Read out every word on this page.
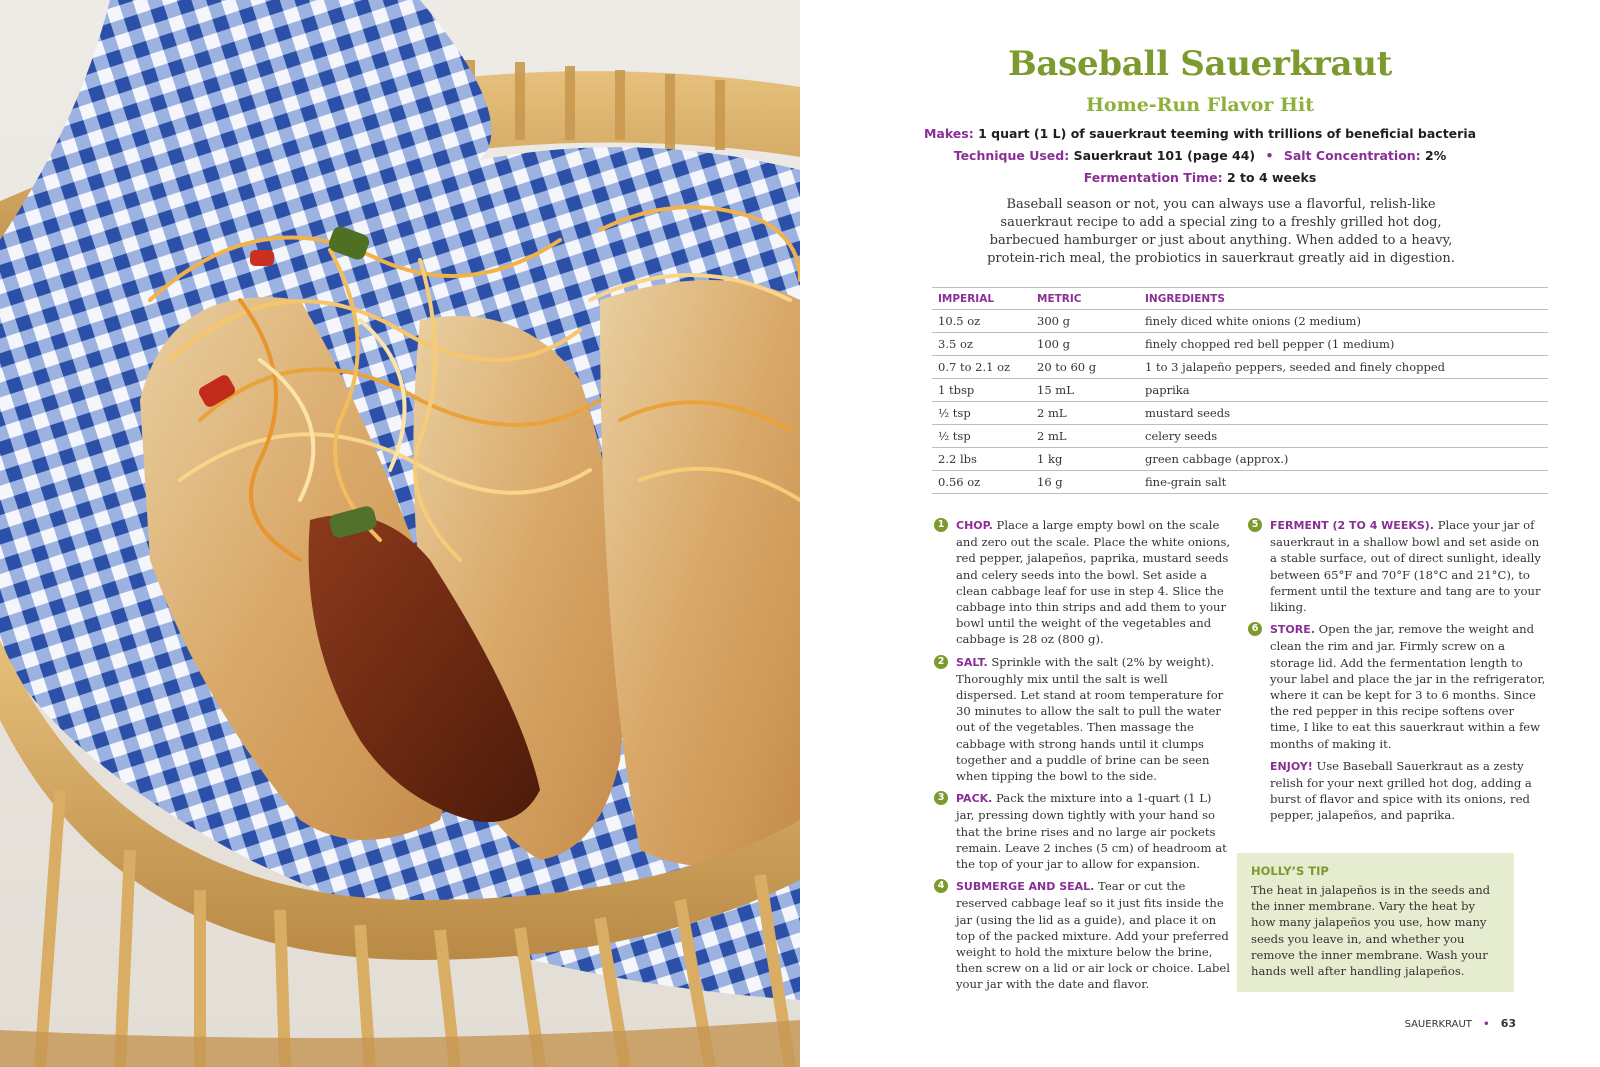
Baseball Sauerkraut
Home-Run Flavor Hit
Makes: 1 quart (1 L) of sauerkraut teeming with trillions of beneficial bacteria
Technique Used: Sauerkraut 101 (page 44) • Salt Concentration: 2%
Fermentation Time: 2 to 4 weeks

Baseball season or not, you can always use a flavorful, relish-like sauerkraut recipe to add a special zing to a freshly grilled hot dog, barbecued hamburger or just about anything. When added to a heavy, protein-rich meal, the probiotics in sauerkraut greatly aid in digestion.

IMPERIAL	METRIC	INGREDIENTS
10.5 oz	300 g	finely diced white onions (2 medium)
3.5 oz	100 g	finely chopped red bell pepper (1 medium)
0.7 to 2.1 oz	20 to 60 g	1 to 3 jalapeño peppers, seeded and finely chopped
1 tbsp	15 mL	paprika
½ tsp	2 mL	mustard seeds
½ tsp	2 mL	celery seeds
2.2 lbs	1 kg	green cabbage (approx.)
0.56 oz	16 g	fine-grain salt
1	CHOP. Place a large empty bowl on the scale and zero out the scale. Place the white onions, red pepper, jalapeños, paprika, mustard seeds and celery seeds into the bowl. Set aside a clean cabbage leaf for use in step 4. Slice the cabbage into thin strips and add them to your bowl until the weight of the vegetables and cabbage is 28 oz (800 g).
2	SALT. Sprinkle with the salt (2% by weight). Thoroughly mix until the salt is well dispersed. Let stand at room temperature for 30 minutes to allow the salt to pull the water out of the vegetables. Then massage the cabbage with strong hands until it clumps together and a puddle of brine can be seen when tipping the bowl to the side.
3	PACK. Pack the mixture into a 1-quart (1 L) jar, pressing down tightly with your hand so that the brine rises and no large air pockets remain. Leave 2 inches (5 cm) of headroom at the top of your jar to allow for expansion.
4	SUBMERGE AND SEAL. Tear or cut the reserved cabbage leaf so it just fits inside the jar (using the lid as a guide), and place it on top of the packed mixture. Add your preferred weight to hold the mixture below the brine, then screw on a lid or air lock or choice. Label your jar with the date and flavor.
5	FERMENT (2 TO 4 WEEKS). Place your jar of sauerkraut in a shallow bowl and set aside on a stable surface, out of direct sunlight, ideally between 65°F and 70°F (18°C and 21°C), to ferment until the texture and tang are to your liking.
6	STORE. Open the jar, remove the weight and clean the rim and jar. Firmly screw on a storage lid. Add the fermentation length to your label and place the jar in the refrigerator, where it can be kept for 3 to 6 months. Since the red pepper in this recipe softens over time, I like to eat this sauerkraut within a few months of making it.
ENJOY! Use Baseball Sauerkraut as a zesty relish for your next grilled hot dog, adding a burst of flavor and spice with its onions, red pepper, jalapeños, and paprika.
HOLLY’S TIP
The heat in jalapeños is in the seeds and the inner membrane. Vary the heat by how many jalapeños you use, how many seeds you leave in, and whether you remove the inner membrane. Wash your hands well after handling jalapeños.
SAUERKRAUT • 63
